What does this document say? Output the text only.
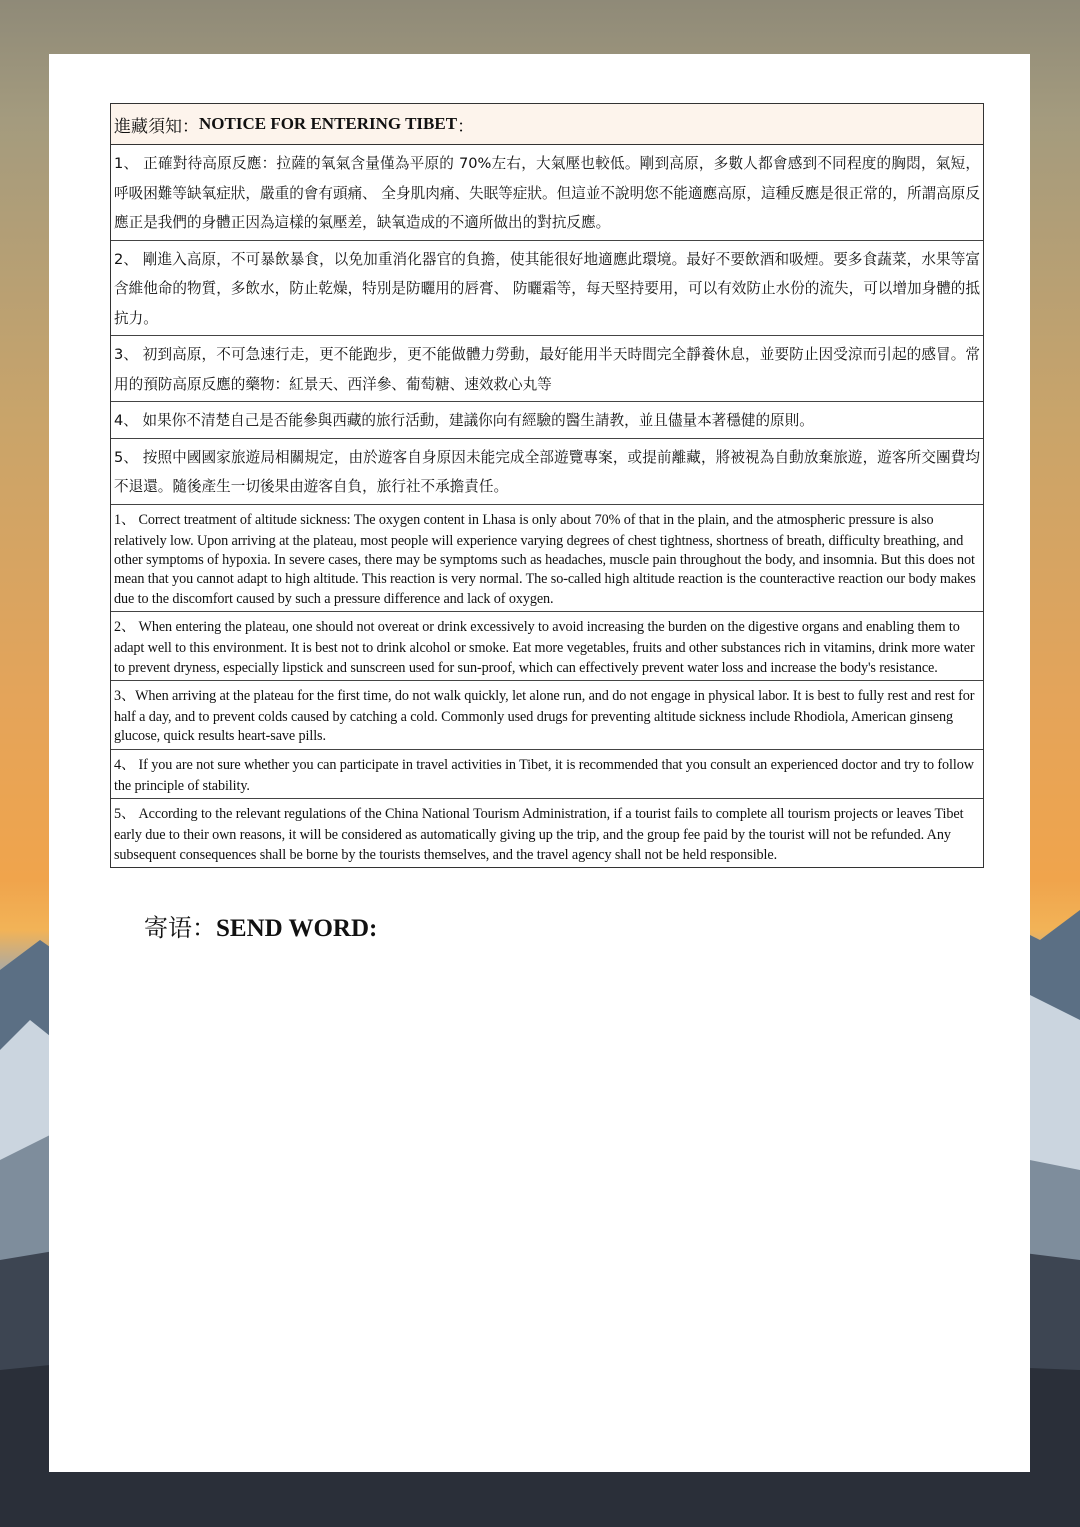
進藏須知： NOTICE FOR ENTERING TIBET ：
1、 正確對待高原反應：拉薩的氧氣含量僅為平原的 70%左右，大氣壓也較低。剛到高原，多數人都會感到不同程度的胸悶，氣短，呼吸困難等缺氧症狀，嚴重的會有頭痛、 全身肌肉痛、失眠等症狀。但這並不說明您不能適應高原，這種反應是很正常的，所謂高原反應正是我們的身體正因為這樣的氣壓差，缺氧造成的不適所做出的對抗反應。
2、 剛進入高原，不可暴飲暴食，以免加重消化器官的負擔，使其能很好地適應此環境。最好不要飲酒和吸煙。要多食蔬菜，水果等富含維他命的物質，多飲水，防止乾燥，特別是防曬用的唇膏、 防曬霜等，每天堅持要用，可以有效防止水份的流失，可以增加身體的抵抗力。
3、 初到高原，不可急速行走，更不能跑步，更不能做體力勞動，最好能用半天時間完全靜養休息，並要防止因受涼而引起的感冒。常用的預防高原反應的藥物：紅景天、西洋參、葡萄糖、速效救心丸等
4、 如果你不清楚自己是否能參與西藏的旅行活動，建議你向有經驗的醫生請教，並且儘量本著穩健的原則。
5、 按照中國國家旅遊局相關規定，由於遊客自身原因未能完成全部遊覽專案，或提前離藏，將被視為自動放棄旅遊，遊客所交團費均不退還。隨後產生一切後果由遊客自負，旅行社不承擔責任。
1、 Correct treatment of altitude sickness: The oxygen content in Lhasa is only about 70% of that in the plain, and the atmospheric pressure is also relatively low. Upon arriving at the plateau, most people will experience varying degrees of chest tightness, shortness of breath, difficulty breathing, and other symptoms of hypoxia. In severe cases, there may be symptoms such as headaches, muscle pain throughout the body, and insomnia. But this does not mean that you cannot adapt to high altitude. This reaction is very normal. The so-called high altitude reaction is the counteractive reaction our body makes due to the discomfort caused by such a pressure difference and lack of oxygen.
2、 When entering the plateau, one should not overeat or drink excessively to avoid increasing the burden on the digestive organs and enabling them to adapt well to this environment. It is best not to drink alcohol or smoke. Eat more vegetables, fruits and other substances rich in vitamins, drink more water to prevent dryness, especially lipstick and sunscreen used for sun-proof, which can effectively prevent water loss and increase the body's resistance.
3、When arriving at the plateau for the first time, do not walk quickly, let alone run, and do not engage in physical labor. It is best to fully rest and rest for half a day, and to prevent colds caused by catching a cold. Commonly used drugs for preventing altitude sickness include Rhodiola, American ginseng glucose, quick results heart-save pills.
4、 If you are not sure whether you can participate in travel activities in Tibet, it is recommended that you consult an experienced doctor and try to follow the principle of stability.
5、 According to the relevant regulations of the China National Tourism Administration, if a tourist fails to complete all tourism projects or leaves Tibet early due to their own reasons, it will be considered as automatically giving up the trip, and the group fee paid by the tourist will not be refunded. Any subsequent consequences shall be borne by the tourists themselves, and the travel agency shall not be held responsible.
寄语：SEND WORD:
